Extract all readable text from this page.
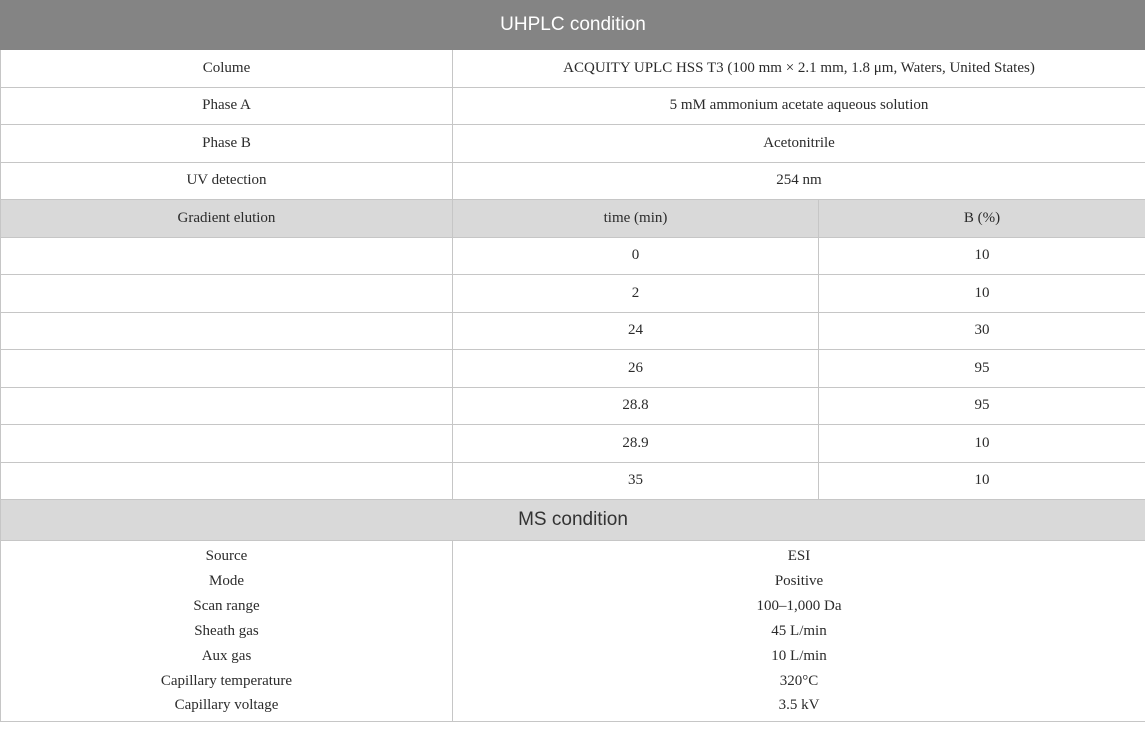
UHPLC condition		
Colume	ACQUITY UPLC HSS T3 (100 mm × 2.1 mm, 1.8 μm, Waters, United States)	
Phase A	5 mM ammonium acetate aqueous solution	
Phase B	Acetonitrile	
UV detection	254 nm	
Gradient elution	time (min)	B (%)
	0	10
	2	10
	24	30
	26	95
	28.8	95
	28.9	10
	35	10
MS condition		
Source	ESI	
Mode	Positive	
Scan range	100–1,000 Da	
Sheath gas	45 L/min	
Aux gas	10 L/min	
Capillary temperature	320°C	
Capillary voltage	3.5 kV	
